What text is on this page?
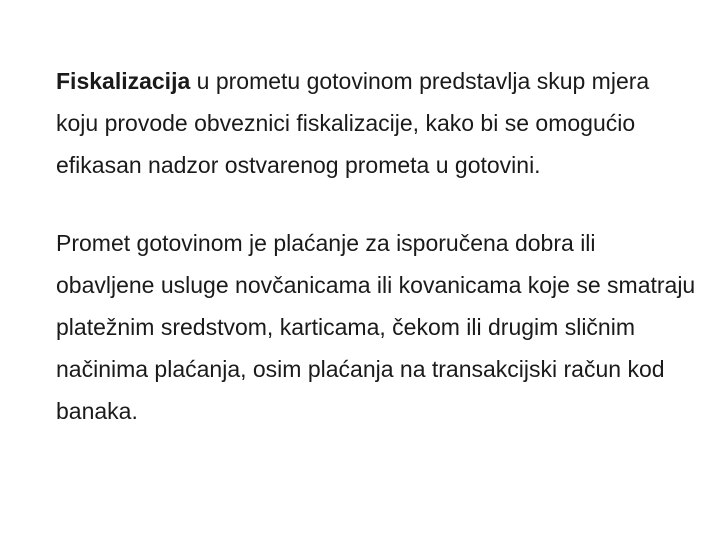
Fiskalizacija u prometu gotovinom predstavlja skup mjera koju provode obveznici fiskalizacije, kako bi se omogućio efikasan nadzor ostvarenog prometa u gotovini.

Promet gotovinom je plaćanje za isporučena dobra ili obavljene usluge novčanicama ili kovanicama koje se smatraju platežnim sredstvom, karticama, čekom ili drugim sličnim načinima plaćanja, osim plaćanja na transakcijski račun kod banaka.
